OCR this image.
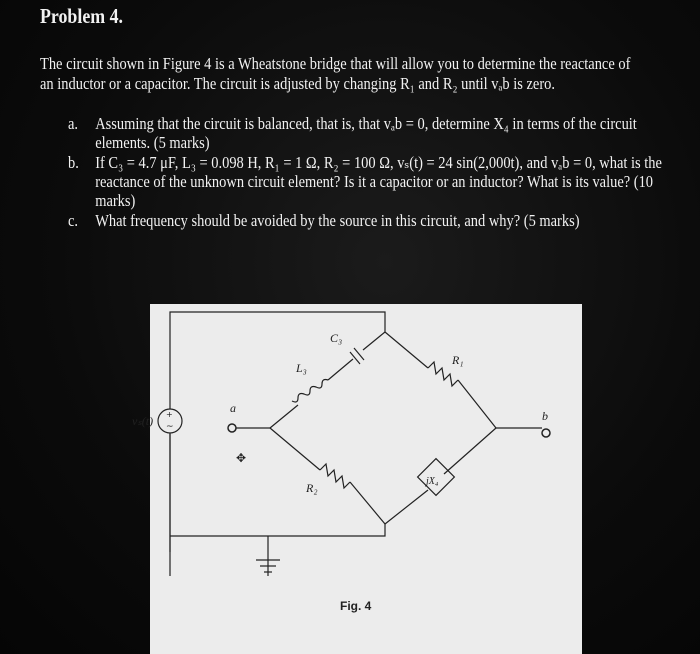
Problem 4.

The circuit shown in Figure 4 is a Wheatstone bridge that will allow you to determine the reactance of an inductor or a capacitor. The circuit is adjusted by changing R₁ and R₂ until vₐb is zero.

a.	Assuming that the circuit is balanced, that is, that vₐb = 0, determine X₄ in terms of the circuit elements. (5 marks)
b. If C₃ = 4.7 μF, L₃ = 0.098 H, R₁ = 1 Ω, R₂ = 100 Ω, vₛ(t) = 24 sin(2,000t), and vₐb = 0, what is the reactance of the unknown circuit element? Is it a capacitor or an inductor? What is its value? (10 marks)
c.	What frequency should be avoided by the source in this circuit, and why? (5 marks)
+
~
✥
vₛ(t)
a
b
C₃
L₃
R₁
R₂	jX₄
Fig. 4
